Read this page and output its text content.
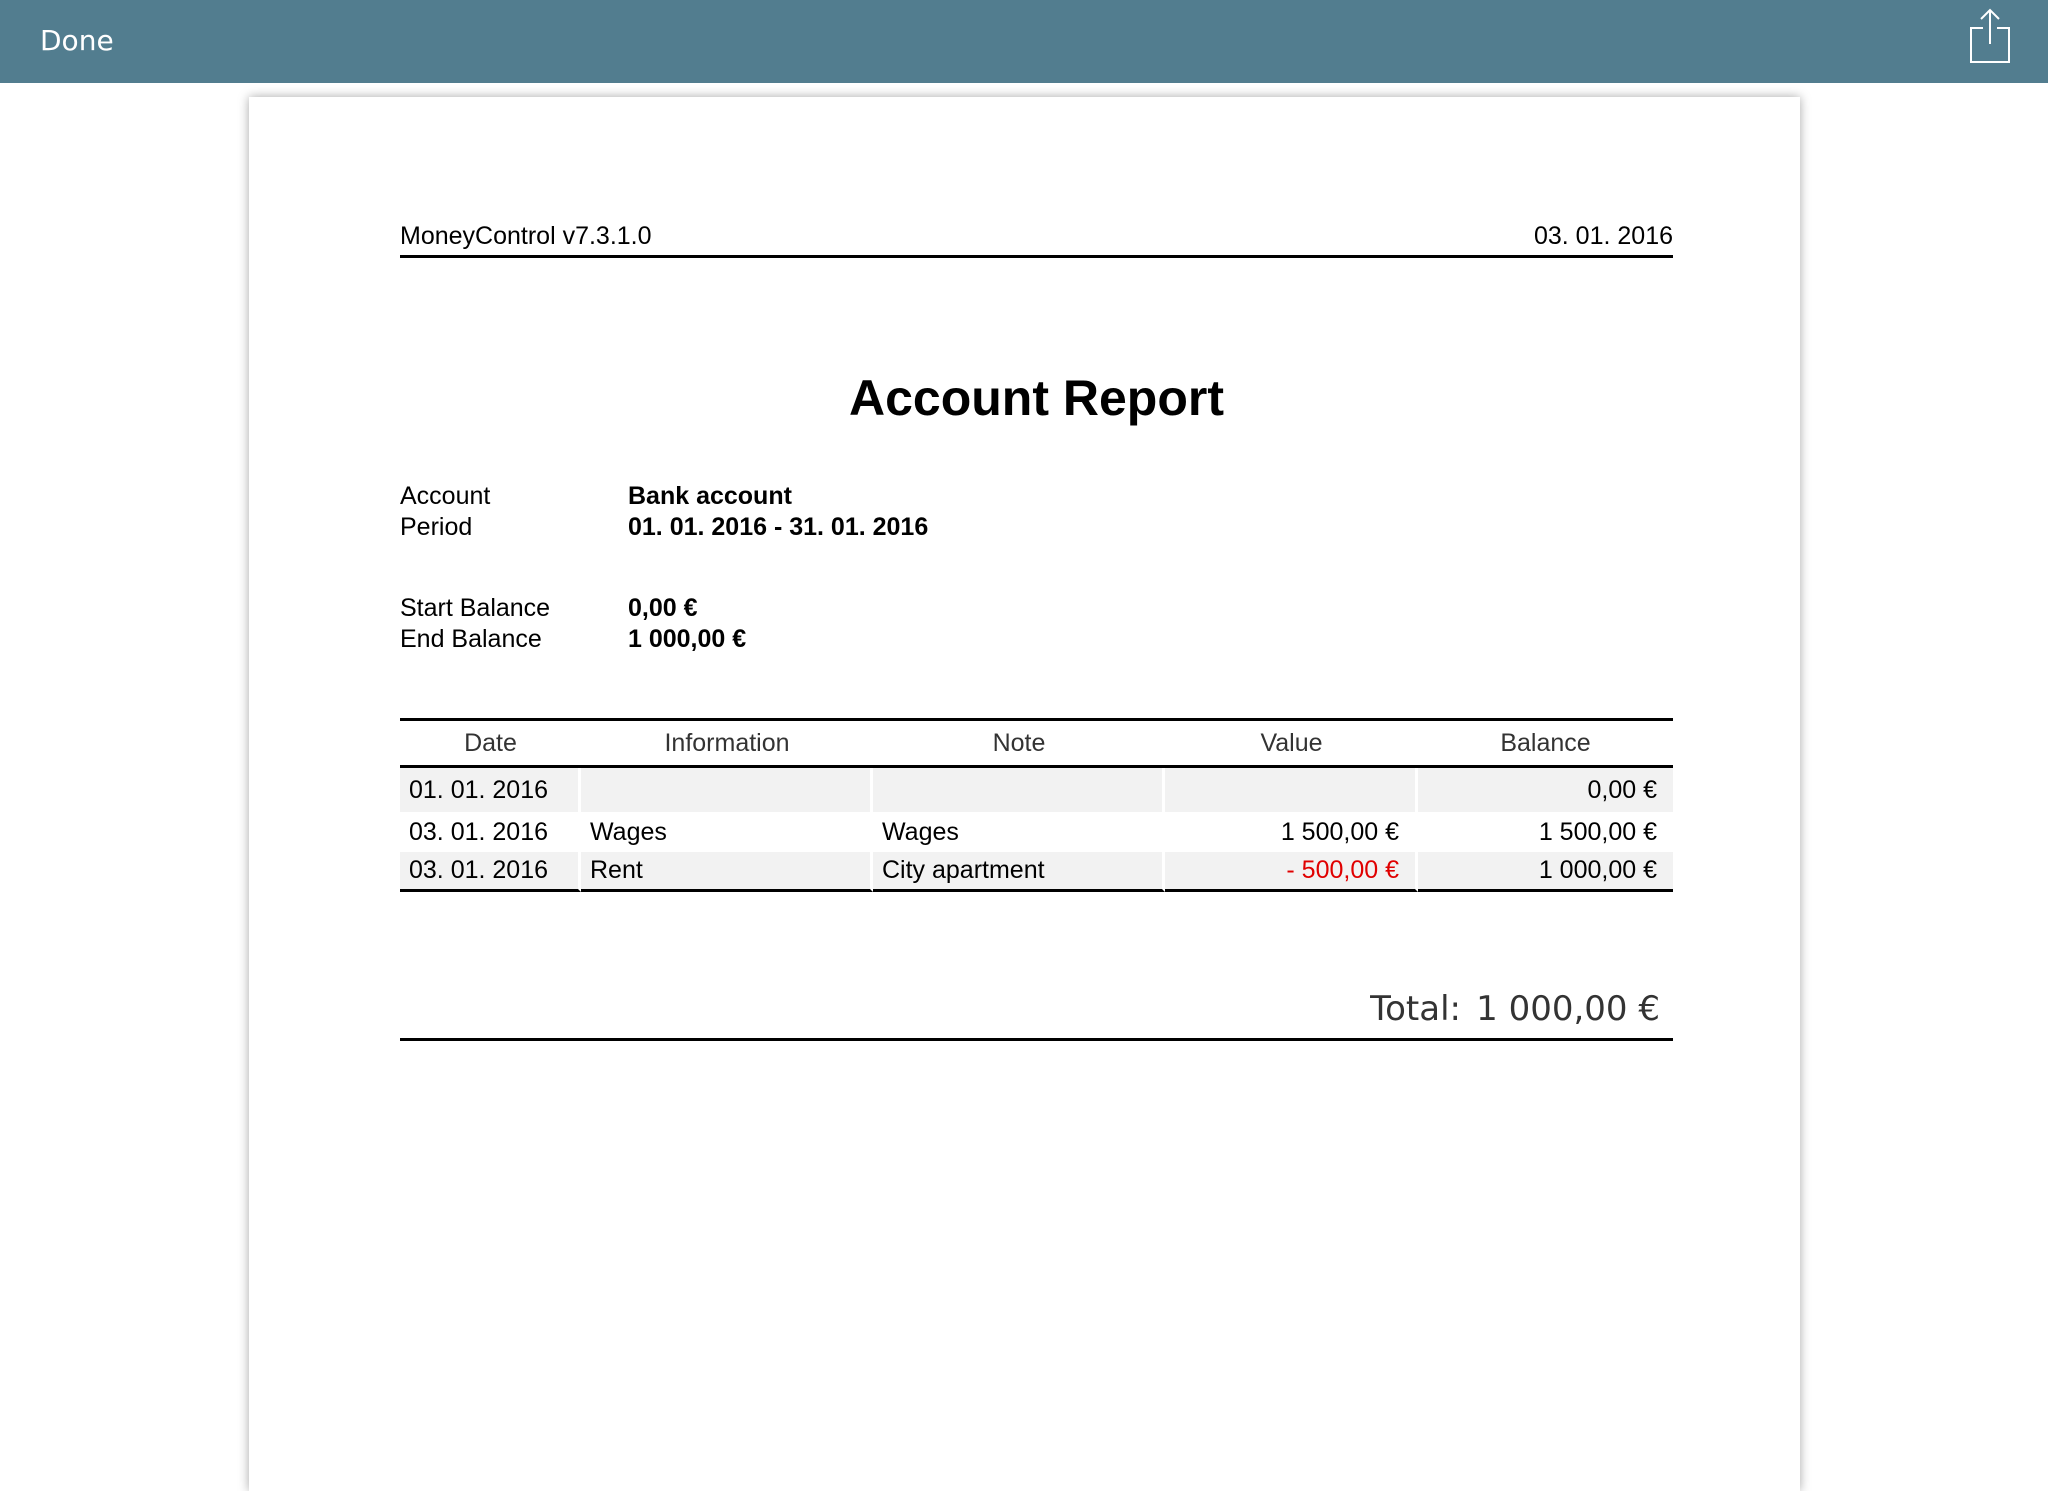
Done
MoneyControl v7.3.1.0	03. 01. 2016
Account Report
Account	Bank account
Period	01. 01. 2016 - 31. 01. 2016
Start Balance	0,00 €
End Balance	1 000,00 €
Date	Information	Note	Value	Balance
01. 01. 2016				0,00 €
03. 01. 2016	Wages	Wages	1 500,00 €	1 500,00 €
03. 01. 2016	Rent	City apartment	- 500,00 €	1 000,00 €
Total: 1 000,00 €
